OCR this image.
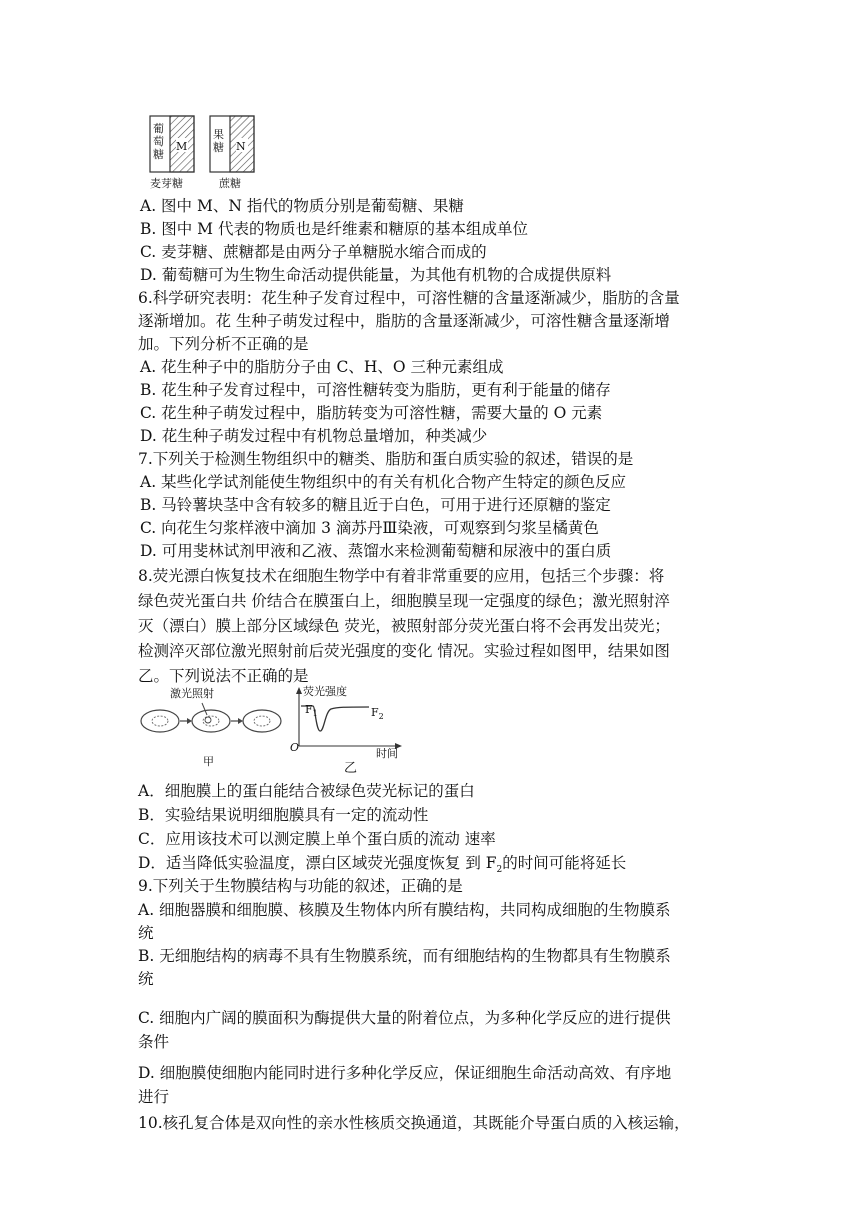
葡萄糖
M
麦芽糖
果糖 N
蔗糖
A. 图中 M、N 指代的物质分别是葡萄糖、果糖
B. 图中 M 代表的物质也是纤维素和糖原的基本组成单位
C. 麦芽糖、蔗糖都是由两分子单糖脱水缩合而成的
D. 葡萄糖可为生物生命活动提供能量，为其他有机物的合成提供原料
6.科学研究表明：花生种子发育过程中，可溶性糖的含量逐渐减少，脂肪的含量
逐渐增加。花 生种子萌发过程中，脂肪的含量逐渐减少，可溶性糖含量逐渐增
加。下列分析不正确的是
A. 花生种子中的脂肪分子由 C、H、O 三种元素组成
B. 花生种子发育过程中，可溶性糖转变为脂肪，更有利于能量的储存
C. 花生种子萌发过程中，脂肪转变为可溶性糖，需要大量的 O 元素
D. 花生种子萌发过程中有机物总量增加，种类减少
7.下列关于检测生物组织中的糖类、脂肪和蛋白质实验的叙述，错误的是
A. 某些化学试剂能使生物组织中的有关有机化合物产生特定的颜色反应
B. 马铃薯块茎中含有较多的糖且近于白色，可用于进行还原糖的鉴定
C. 向花生匀浆样液中滴加 3 滴苏丹Ⅲ染液，可观察到匀浆呈橘黄色
D. 可用斐林试剂甲液和乙液、蒸馏水来检测葡萄糖和尿液中的蛋白质
8.荧光漂白恢复技术在细胞生物学中有着非常重要的应用，包括三个步骤：将
绿色荧光蛋白共 价结合在膜蛋白上，细胞膜呈现一定强度的绿色；激光照射淬
灭（漂白）膜上部分区域绿色 荧光，被照射部分荧光蛋白将不会再发出荧光；
检测淬灭部位激光照射前后荧光强度的变化 情况。实验过程如图甲，结果如图
乙。下列说法不正确的是
激光照射
甲
荧光强度
$F_1$	$F_2$
O	时间
乙
A．细胞膜上的蛋白能结合被绿色荧光标记的蛋白
B．实验结果说明细胞膜具有一定的流动性
C．应用该技术可以测定膜上单个蛋白质的流动 速率
D．适当降低实验温度，漂白区域荧光强度恢复 到 $F_2$的时间可能将延长
9.下列关于生物膜结构与功能的叙述，正确的是
A. 细胞器膜和细胞膜、核膜及生物体内所有膜结构，共同构成细胞的生物膜系
统
B. 无细胞结构的病毒不具有生物膜系统，而有细胞结构的生物都具有生物膜系
统
C. 细胞内广阔的膜面积为酶提供大量的附着位点，为多种化学反应的进行提供
条件
D. 细胞膜使细胞内能同时进行多种化学反应，保证细胞生命活动高效、有序地
进行
10.核孔复合体是双向性的亲水性核质交换通道，其既能介导蛋白质的入核运输，
